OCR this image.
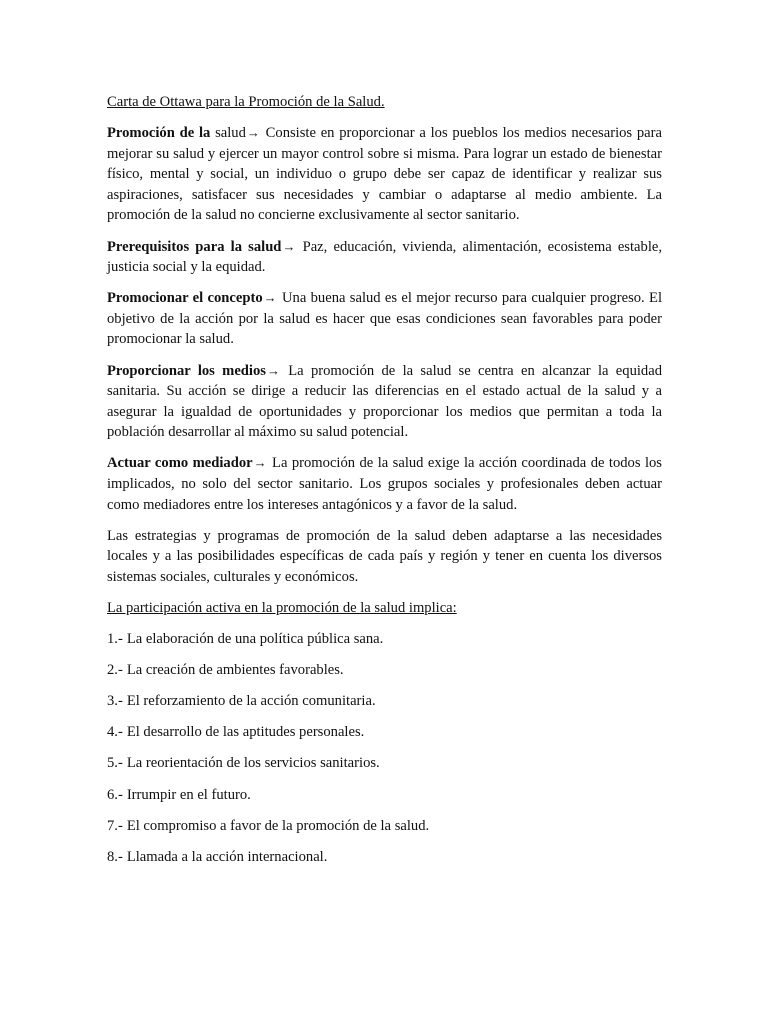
Carta de Ottawa para la Promoción de la Salud.

Promoción de la salud→ Consiste en proporcionar a los pueblos los medios necesarios para mejorar su salud y ejercer un mayor control sobre si misma. Para lograr un estado de bienestar físico, mental y social, un individuo o grupo debe ser capaz de identificar y realizar sus aspiraciones, satisfacer sus necesidades y cambiar o adaptarse al medio ambiente. La promoción de la salud no concierne exclusivamente al sector sanitario.

Prerequisitos para la salud→ Paz, educación, vivienda, alimentación, ecosistema estable, justicia social y la equidad.

Promocionar el concepto→ Una buena salud es el mejor recurso para cualquier progreso. El objetivo de la acción por la salud es hacer que esas condiciones sean favorables para poder promocionar la salud.

Proporcionar los medios→ La promoción de la salud se centra en alcanzar la equidad sanitaria. Su acción se dirige a reducir las diferencias en el estado actual de la salud y a asegurar la igualdad de oportunidades y proporcionar los medios que permitan a toda la población desarrollar al máximo su salud potencial.

Actuar como mediador→ La promoción de la salud exige la acción coordinada de todos los implicados, no solo del sector sanitario. Los grupos sociales y profesionales deben actuar como mediadores entre los intereses antagónicos y a favor de la salud.

Las estrategias y programas de promoción de la salud deben adaptarse a las necesidades locales y a las posibilidades específicas de cada país y región y tener en cuenta los diversos sistemas sociales, culturales y económicos.

La participación activa en la promoción de la salud implica:

1.- La elaboración de una política pública sana.

2.- La creación de ambientes favorables.

3.- El reforzamiento de la acción comunitaria.

4.- El desarrollo de las aptitudes personales.

5.- La reorientación de los servicios sanitarios.

6.- Irrumpir en el futuro.

7.- El compromiso a favor de la promoción de la salud.

8.- Llamada a la acción internacional.
